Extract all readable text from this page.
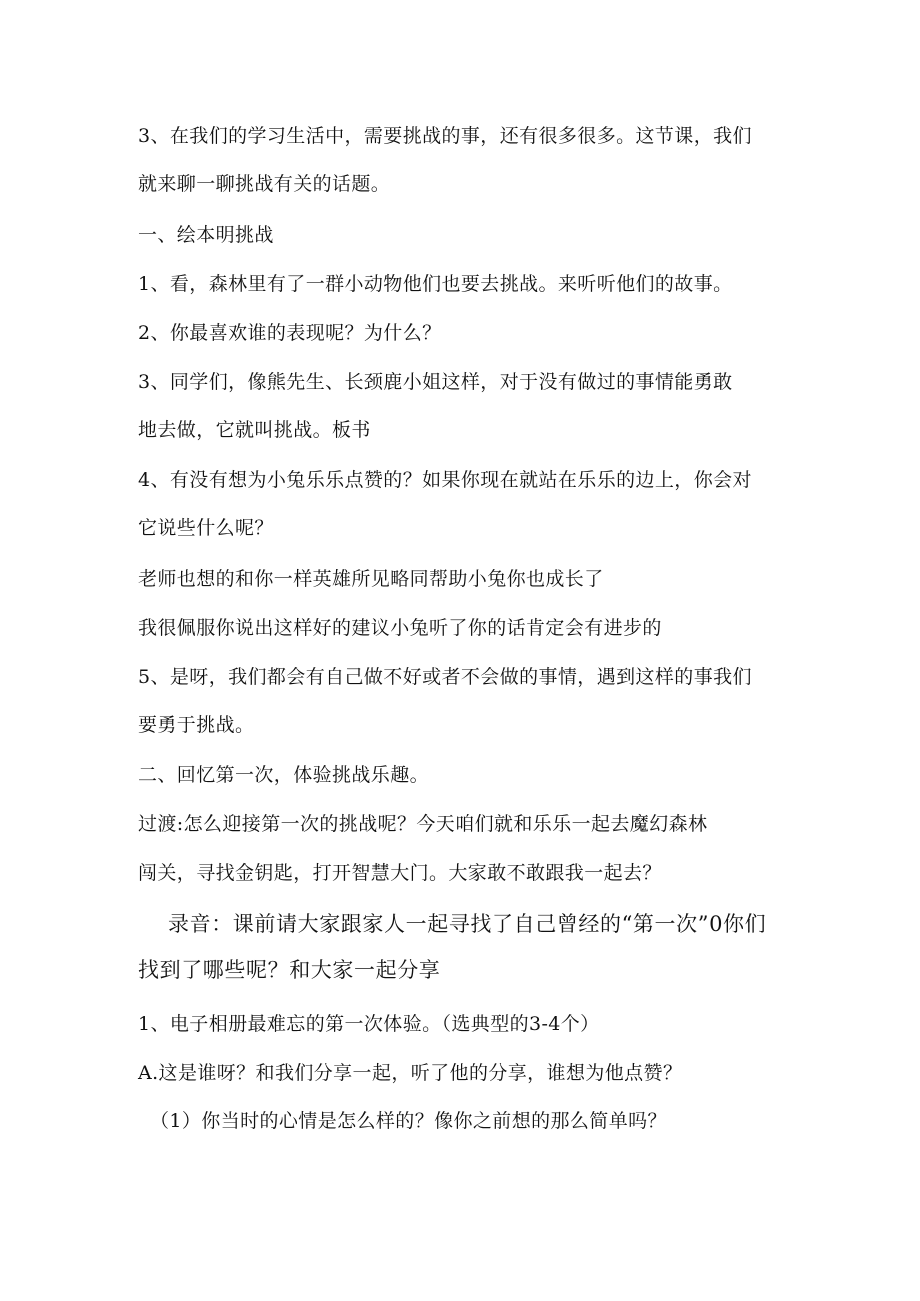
3、在我们的学习生活中，需要挑战的事，还有很多很多。这节课，我们
就来聊一聊挑战有关的话题。
一、绘本明挑战
1、看，森林里有了一群小动物他们也要去挑战。来听听他们的故事。
2、你最喜欢谁的表现呢？为什么？
3、同学们，像熊先生、长颈鹿小姐这样，对于没有做过的事情能勇敢
地去做，它就叫挑战。板书
4、有没有想为小兔乐乐点赞的？如果你现在就站在乐乐的边上，你会对
它说些什么呢？
老师也想的和你一样英雄所见略同帮助小兔你也成长了
我很佩服你说出这样好的建议小兔听了你的话肯定会有进步的
5、是呀，我们都会有自己做不好或者不会做的事情，遇到这样的事我们
要勇于挑战。
二、回忆第一次，体验挑战乐趣。
过渡:怎么迎接第一次的挑战呢？今天咱们就和乐乐一起去魔幻森林
闯关，寻找金钥匙，打开智慧大门。大家敢不敢跟我一起去？
录音：课前请大家跟家人一起寻找了自己曾经的“第一次”0你们
找到了哪些呢？和大家一起分享
1、电子相册最难忘的第一次体验。（选典型的3-4个）
A.这是谁呀？和我们分享一起，听了他的分享，谁想为他点赞？
（1）你当时的心情是怎么样的？像你之前想的那么简单吗？
